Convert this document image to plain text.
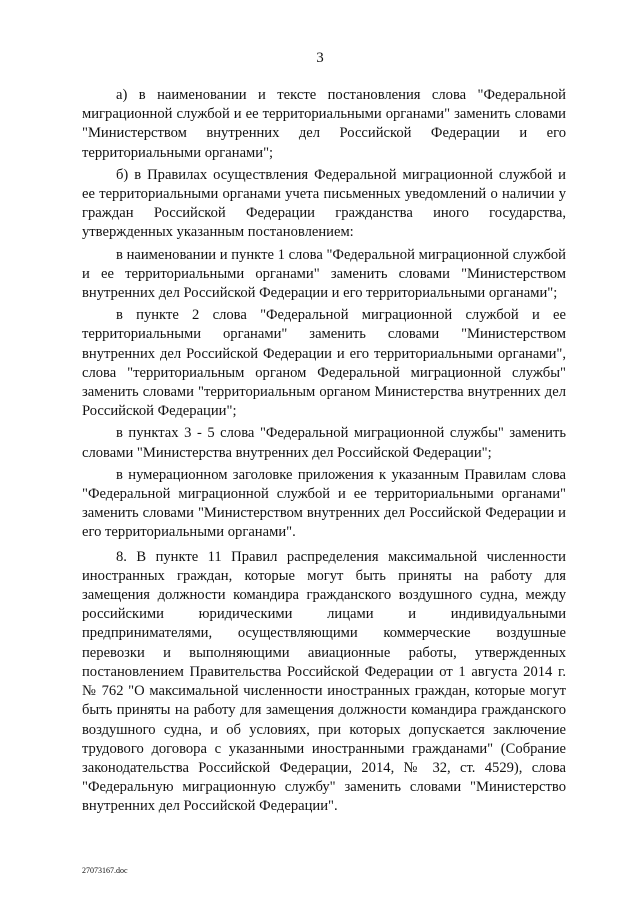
3

а) в наименовании и тексте постановления слова "Федеральной миграционной службой и ее территориальными органами" заменить словами "Министерством внутренних дел Российской Федерации и его территориальными органами";

б) в Правилах осуществления Федеральной миграционной службой и ее территориальными органами учета письменных уведомлений о наличии у граждан Российской Федерации гражданства иного государства, утвержденных указанным постановлением:

в наименовании и пункте 1 слова "Федеральной миграционной службой и ее территориальными органами" заменить словами "Министерством внутренних дел Российской Федерации и его территориальными органами";

в пункте 2 слова "Федеральной миграционной службой и ее территориальными органами" заменить словами "Министерством внутренних дел Российской Федерации и его территориальными органами", слова "территориальным органом Федеральной миграционной службы" заменить словами "территориальным органом Министерства внутренних дел Российской Федерации";

в пунктах 3 - 5 слова "Федеральной миграционной службы" заменить словами "Министерства внутренних дел Российской Федерации";

в нумерационном заголовке приложения к указанным Правилам слова "Федеральной миграционной службой и ее территориальными органами" заменить словами "Министерством внутренних дел Российской Федерации и его территориальными органами".

8. В пункте 11 Правил распределения максимальной численности иностранных граждан, которые могут быть приняты на работу для замещения должности командира гражданского воздушного судна, между российскими юридическими лицами и индивидуальными предпринимателями, осуществляющими коммерческие воздушные перевозки и выполняющими авиационные работы, утвержденных постановлением Правительства Российской Федерации от 1 августа 2014 г. № 762 "О максимальной численности иностранных граждан, которые могут быть приняты на работу для замещения должности командира гражданского воздушного судна, и об условиях, при которых допускается заключение трудового договора с указанными иностранными гражданами" (Собрание законодательства Российской Федерации, 2014, № 32, ст. 4529), слова "Федеральную миграционную службу" заменить словами "Министерство внутренних дел Российской Федерации".

27073167.doc
